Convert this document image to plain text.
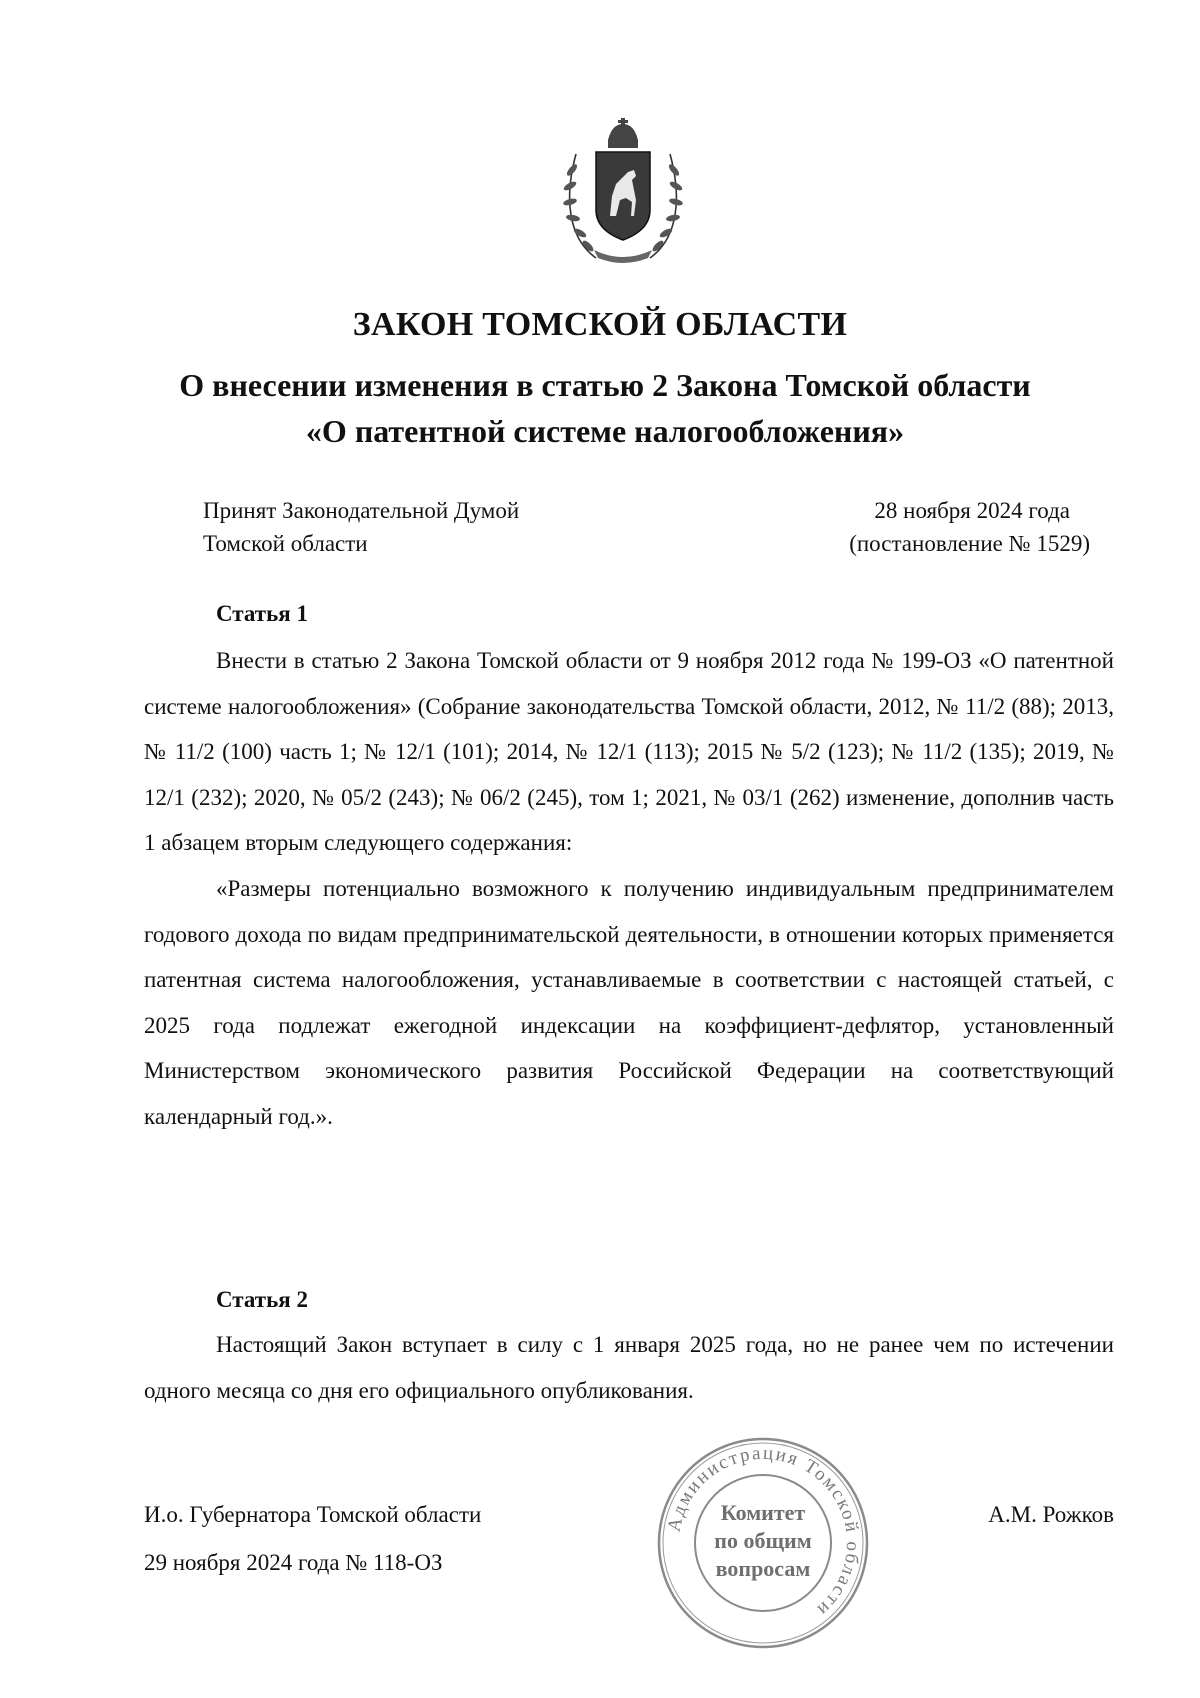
ЗАКОН ТОМСКОЙ ОБЛАСТИ
О внесении изменения в статью 2 Закона Томской области
«О патентной системе налогообложения»
Принят Законодательной Думой
Томской области
28 ноября 2024 года
(постановление № 1529)
Статья 1

Внести в статью 2 Закона Томской области от 9 ноября 2012 года № 199-ОЗ «О патентной системе налогообложения» (Собрание законодательства Томской области, 2012, № 11/2 (88); 2013, № 11/2 (100) часть 1; № 12/1 (101); 2014, № 12/1 (113); 2015 № 5/2 (123); № 11/2 (135); 2019, № 12/1 (232); 2020, № 05/2 (243); № 06/2 (245), том 1; 2021, № 03/1 (262) изменение, дополнив часть 1 абзацем вторым следующего содержания:

«Размеры потенциально возможного к получению индивидуальным предпринимателем годового дохода по видам предпринимательской деятельности, в отношении которых применяется патентная система налогообложения, устанавливаемые в соответствии с настоящей статьей, с 2025 года подлежат ежегодной индексации на коэффициент-дефлятор, установленный Министерством экономического развития Российской Федерации на соответствующий календарный год.».

Статья 2

Настоящий Закон вступает в силу с 1 января 2025 года, но не ранее чем по истечении одного месяца со дня его официального опубликования.

И.о. Губернатора Томской области	А.М. Рожков
29 ноября 2024 года № 118-ОЗ
Администрация Томской области
Комитет
по общим
вопросам
